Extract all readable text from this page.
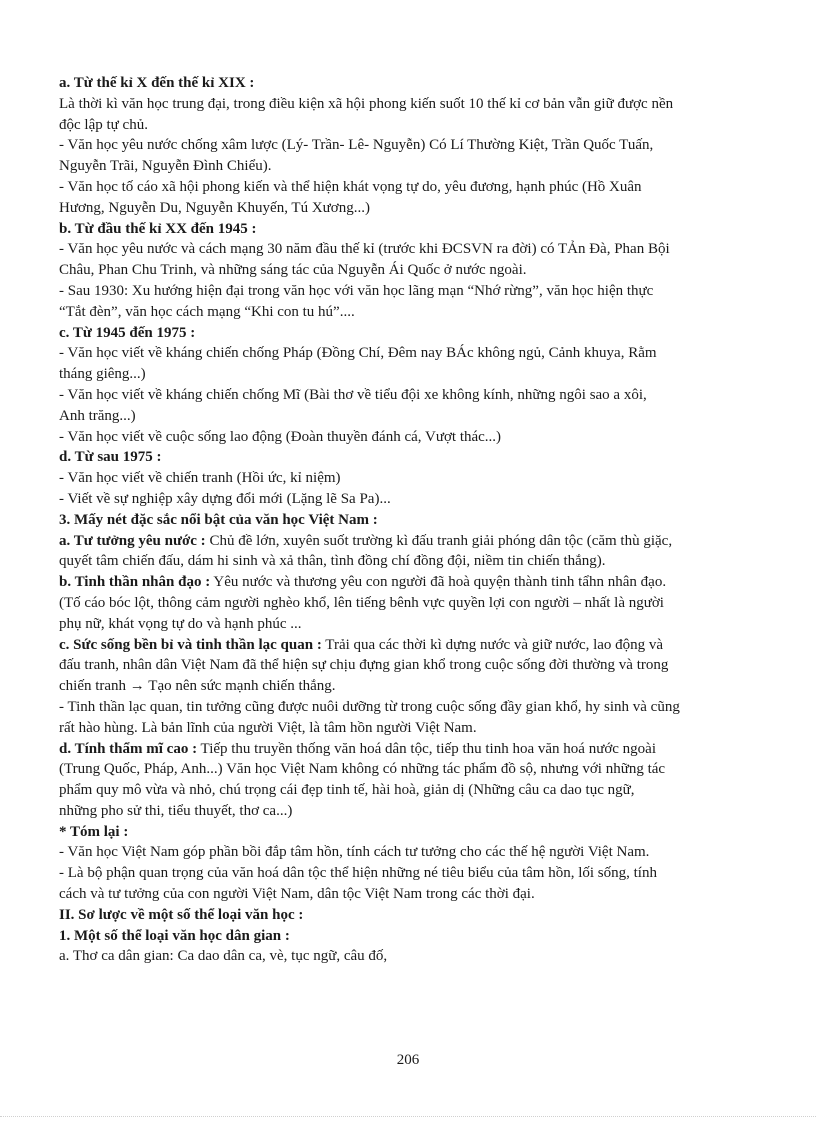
a. Từ thế kỉ X đến thế kỉ XIX :
Là thời kì văn học trung đại, trong điều kiện xã hội phong kiến suốt 10 thế kỉ cơ bản vẫn giữ được nền
độc lập tự chủ.
- Văn học yêu nước chống xâm lược (Lý- Trần- Lê- Nguyễn) Có Lí Thường Kiệt, Trần Quốc Tuấn,
Nguyễn Trãi, Nguyễn Đình Chiểu).
- Văn học tố cáo xã hội phong kiến và thể hiện khát vọng tự do, yêu đương, hạnh phúc (Hồ Xuân
Hương, Nguyễn Du, Nguyễn Khuyến, Tú Xương...)
b. Từ đầu thế kỉ XX đến 1945 :
- Văn học yêu nước và cách mạng 30 năm đầu thế kỉ (trước khi ĐCSVN ra đời) có TẢn Đà, Phan Bội
Châu, Phan Chu Trinh, và những sáng tác của Nguyễn Ái Quốc ở nước ngoài.
- Sau 1930: Xu hướng hiện đại trong văn học với văn học lãng mạn “Nhớ rừng”, văn học hiện thực
“Tắt đèn”, văn học cách mạng “Khi con tu hú”....
c. Từ 1945 đến 1975 :
- Văn học viết về kháng chiến chống Pháp (Đồng Chí, Đêm nay BÁc không ngủ, Cảnh khuya, Rằm
tháng giêng...)
- Văn học viết về kháng chiến chống Mĩ (Bài thơ về tiểu đội xe không kính, những ngôi sao a xôi,
Anh trăng...)
- Văn học viết về cuộc sống lao động (Đoàn thuyền đánh cá, Vượt thác...)
d. Từ sau 1975 :
- Văn học viết về chiến tranh (Hồi ức, kỉ niệm)
- Viết về sự nghiệp xây dựng đổi mới (Lặng lẽ Sa Pa)...
3. Mấy nét đặc sắc nổi bật của văn học Việt Nam :
a. Tư tưởng yêu nước : Chủ đề lớn, xuyên suốt trường kì đấu tranh giải phóng dân tộc (căm thù giặc,
quyết tâm chiến đấu, dám hi sinh và xả thân, tình đồng chí đồng đội, niềm tin chiến thắng).
b. Tinh thần nhân đạo : Yêu nước và thương yêu con người đã hoà quyện thành tinh tẩhn nhân đạo.
(Tố cáo bóc lột, thông cảm người nghèo khổ, lên tiếng bênh vực quyền lợi con người – nhất là người
phụ nữ, khát vọng tự do và hạnh phúc ...
c. Sức sống bền bỉ và tinh thần lạc quan : Trải qua các thời kì dựng nước và giữ nước, lao động và
đấu tranh, nhân dân Việt Nam đã thể hiện sự chịu đựng gian khổ trong cuộc sống đời thường và trong
chiến tranh → Tạo nên sức mạnh chiến thắng.
- Tinh thần lạc quan, tin tưởng cũng được nuôi dưỡng từ trong cuộc sống đầy gian khổ, hy sinh và cũng
rất hào hùng. Là bản lĩnh của người Việt, là tâm hồn người Việt Nam.
d. Tính thẩm mĩ cao : Tiếp thu truyền thống văn hoá dân tộc, tiếp thu tinh hoa văn hoá nước ngoài
(Trung Quốc, Pháp, Anh...) Văn học Việt Nam không có những tác phẩm đồ sộ, nhưng với những tác
phẩm quy mô vừa và nhỏ, chú trọng cái đẹp tinh tế, hài hoà, giản dị (Những câu ca dao tục ngữ,
những pho sử thi, tiểu thuyết, thơ ca...)
* Tóm lại :
- Văn học Việt Nam góp phần bồi đắp tâm hồn, tính cách tư tưởng cho các thế hệ người Việt Nam.
- Là bộ phận quan trọng của văn hoá dân tộc thể hiện những né tiêu biểu của tâm hồn, lối sống, tính
cách và tư tưởng của con người Việt Nam, dân tộc Việt Nam trong các thời đại.
II. Sơ lược về một số thể loại văn học :
1. Một số thể loại văn học dân gian :
a. Thơ ca dân gian: Ca dao dân ca, vè, tục ngữ, câu đố,
206
